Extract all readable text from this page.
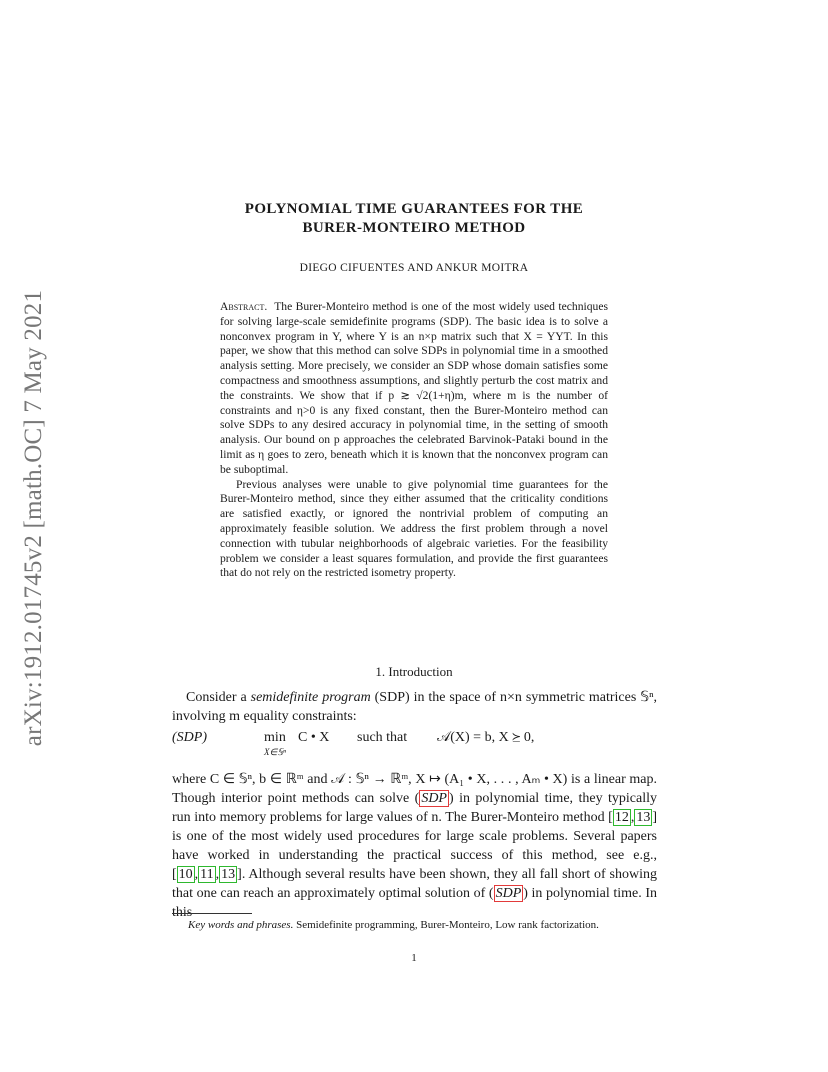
arXiv:1912.01745v2 [math.OC] 7 May 2021
POLYNOMIAL TIME GUARANTEES FOR THE
BURER-MONTEIRO METHOD
DIEGO CIFUENTES AND ANKUR MOITRA

Abstract. The Burer-Monteiro method is one of the most widely used techniques for solving large-scale semidefinite programs (SDP). The basic idea is to solve a nonconvex program in Y, where Y is an n×p matrix such that X = YYT. In this paper, we show that this method can solve SDPs in polynomial time in a smoothed analysis setting. More precisely, we consider an SDP whose domain satisfies some compactness and smoothness assumptions, and slightly perturb the cost matrix and the constraints. We show that if p ≳ √2(1+η)m, where m is the number of constraints and η>0 is any fixed constant, then the Burer-Monteiro method can solve SDPs to any desired accuracy in polynomial time, in the setting of smooth analysis. Our bound on p approaches the celebrated Barvinok-Pataki bound in the limit as η goes to zero, beneath which it is known that the nonconvex program can be suboptimal.

Previous analyses were unable to give polynomial time guarantees for the Burer-Monteiro method, since they either assumed that the criticality conditions are satisfied exactly, or ignored the nontrivial problem of computing an approximately feasible solution. We address the first problem through a novel connection with tubular neighborhoods of algebraic varieties. For the feasibility problem we consider a least squares formulation, and provide the first guarantees that do not rely on the restricted isometry property.

1. Introduction

Consider a semidefinite program (SDP) in the space of n×n symmetric matrices 𝕊ⁿ, involving m equality constraints:

(SDP)	min
X∈𝕊ⁿ
C • X such that 𝒜(X) = b, X ⪰ 0,

where C ∈ 𝕊ⁿ, b ∈ ℝᵐ and 𝒜 : 𝕊ⁿ → ℝᵐ, X ↦ (A₁ • X, . . . , Aₘ • X) is a linear map. Though interior point methods can solve ( SDP ) in polynomial time, they typically run into memory problems for large values of n. The Burer-Monteiro method [ 12 , 13 ] is one of the most widely used procedures for large scale problems. Several papers have worked in understanding the practical success of this method, see e.g., [ 10 , 11 , 13 ]. Although several results have been shown, they all fall short of showing that one can reach an approximately optimal solution of ( SDP ) in polynomial time. In this

Key words and phrases. Semidefinite programming, Burer-Monteiro, Low rank factorization.
1
